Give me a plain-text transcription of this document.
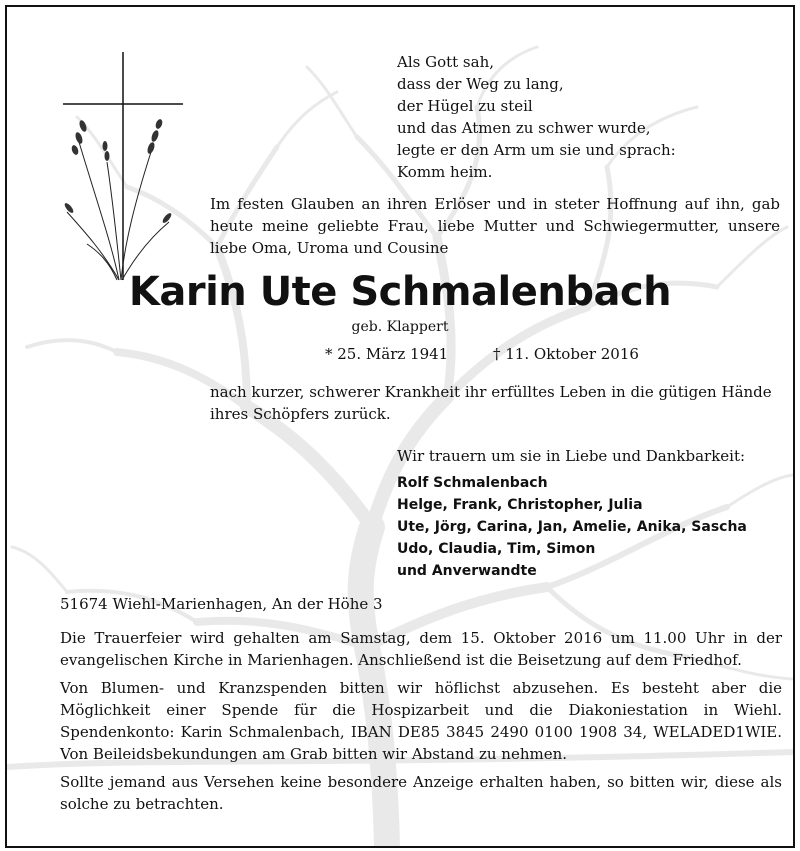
Als Gott sah,
dass der Weg zu lang,
der Hügel zu steil
und das Atmen zu schwer wurde,
legte er den Arm um sie und sprach:
Komm heim.
Im festen Glauben an ihren Erlöser und in steter Hoffnung auf ihn, gab heute meine geliebte Frau, liebe Mutter und Schwiegermutter, unsere liebe Oma, Uroma und Cousine
Karin Ute Schmalenbach
geb. Klappert
* 25. März 1941	† 11. Oktober 2016
nach kurzer, schwerer Krankheit ihr erfülltes Leben in die gütigen Hände ihres Schöpfers zurück.
Wir trauern um sie in Liebe und Dankbarkeit:
Rolf Schmalenbach
Helge, Frank, Christopher, Julia
Ute, Jörg, Carina, Jan, Amelie, Anika, Sascha
Udo, Claudia, Tim, Simon
und Anverwandte
51674 Wiehl-Marienhagen, An der Höhe 3

Die Trauerfeier wird gehalten am Samstag, dem 15. Oktober 2016 um 11.00 Uhr in der evangelischen Kirche in Marienhagen. Anschließend ist die Beisetzung auf dem Friedhof.

Von Blumen- und Kranzspenden bitten wir höflichst abzusehen. Es besteht aber die Möglichkeit einer Spende für die Hospizarbeit und die Diakoniestation in Wiehl. Spendenkonto: Karin Schmalenbach, IBAN DE85 3845 2490 0100 1908 34, WELADED1WIE. Von Beileidsbekundungen am Grab bitten wir Abstand zu nehmen.

Sollte jemand aus Versehen keine besondere Anzeige erhalten haben, so bitten wir, diese als solche zu betrachten.
